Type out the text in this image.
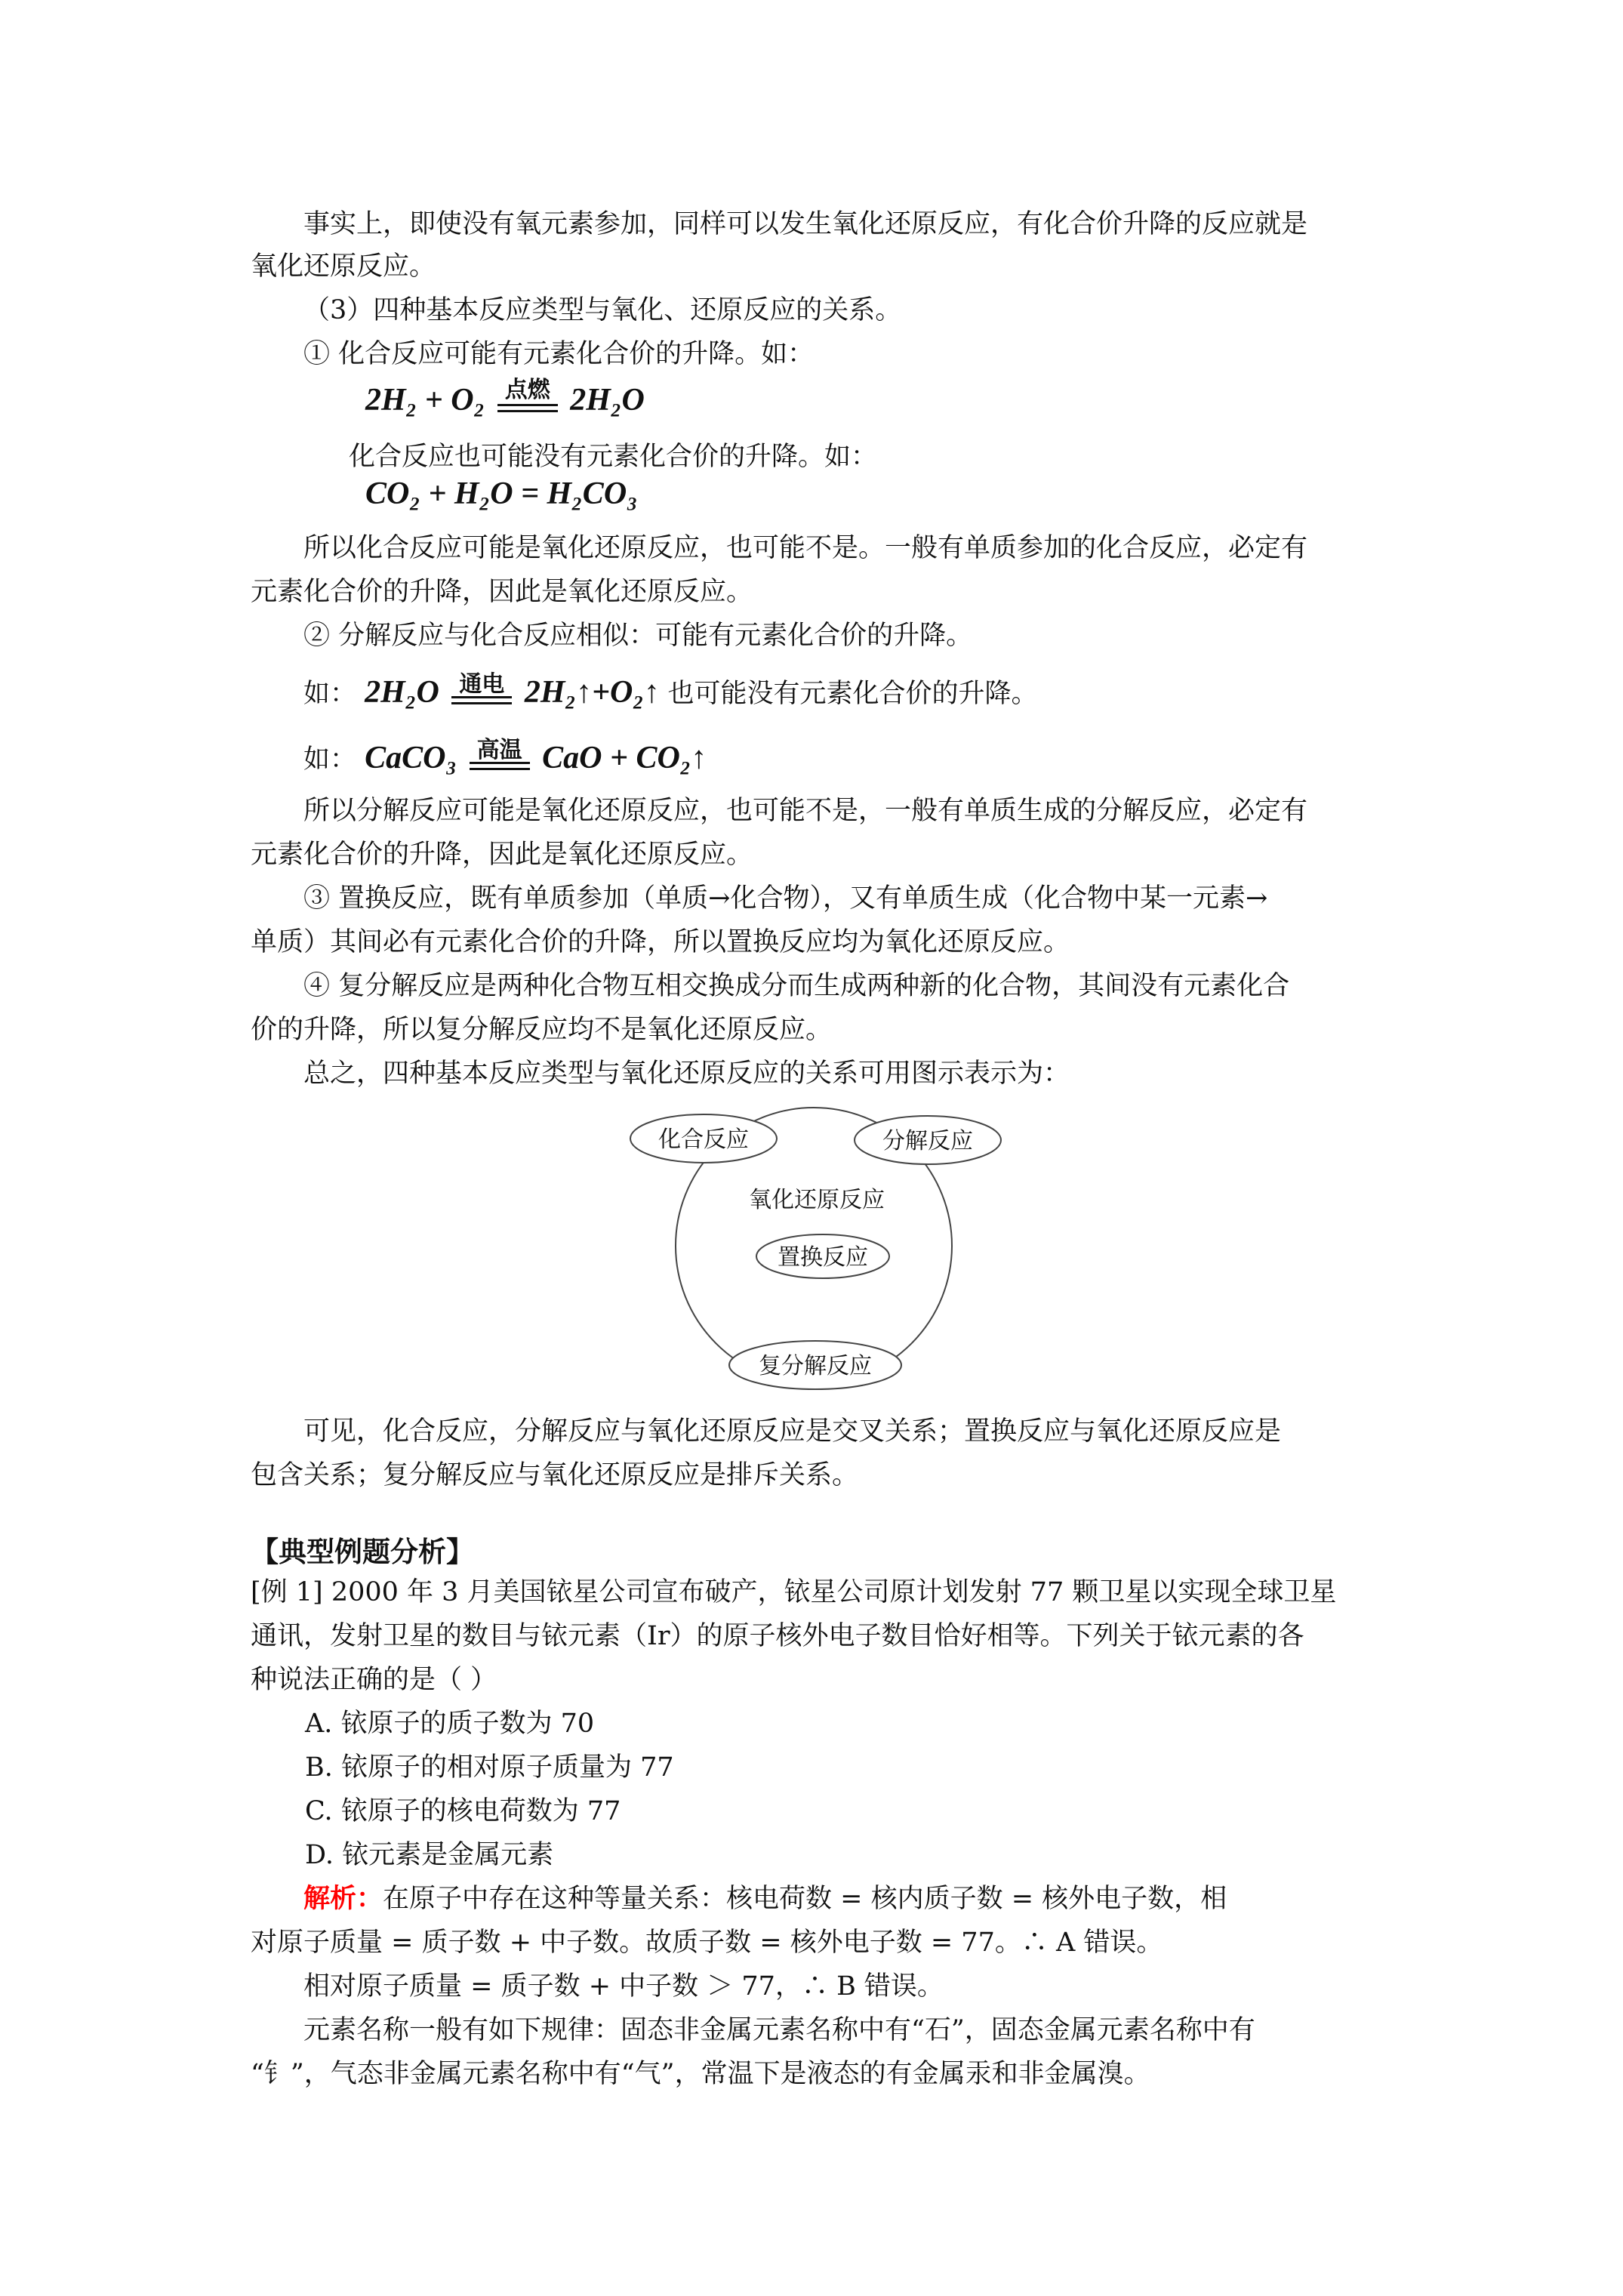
事实上，即使没有氧元素参加，同样可以发生氧化还原反应，有化合价升降的反应就是
氧化还原反应。
（3）四种基本反应类型与氧化、还原反应的关系。
① 化合反应可能有元素化合价的升降。如：
2H₂ + O₂ 点燃 2H₂O
化合反应也可能没有元素化合价的升降。如：
CO₂ + H₂O = H₂CO₃
所以化合反应可能是氧化还原反应，也可能不是。一般有单质参加的化合反应，必定有
元素化合价的升降，因此是氧化还原反应。
② 分解反应与化合反应相似：可能有元素化合价的升降。
如： 2H₂O 通电 2H₂↑+O₂↑ 也可能没有元素化合价的升降。
如： CaCO₃ 高温 CaO + CO₂↑
所以分解反应可能是氧化还原反应，也可能不是，一般有单质生成的分解反应，必定有
元素化合价的升降，因此是氧化还原反应。
③ 置换反应，既有单质参加（单质→化合物），又有单质生成（化合物中某一元素→
单质）其间必有元素化合价的升降，所以置换反应均为氧化还原反应。
④ 复分解反应是两种化合物互相交换成分而生成两种新的化合物，其间没有元素化合
价的升降，所以复分解反应均不是氧化还原反应。
总之，四种基本反应类型与氧化还原反应的关系可用图示表示为：
化合反应	分解反应
氧化还原反应
置换反应
复分解反应
可见，化合反应，分解反应与氧化还原反应是交叉关系；置换反应与氧化还原反应是
包含关系；复分解反应与氧化还原反应是排斥关系。
【典型例题分析】
[例 1] 2000 年 3 月美国铱星公司宣布破产，铱星公司原计划发射 77 颗卫星以实现全球卫星
通讯，发射卫星的数目与铱元素（Ir）的原子核外电子数目恰好相等。下列关于铱元素的各
种说法正确的是（ ）
A. 铱原子的质子数为 70
B. 铱原子的相对原子质量为 77
C. 铱原子的核电荷数为 77
D. 铱元素是金属元素
解析：在原子中存在这种等量关系：核电荷数 = 核内质子数 = 核外电子数，相
对原子质量 = 质子数 + 中子数。故质子数 = 核外电子数 = 77。∴ A 错误。
相对原子质量 = 质子数 + 中子数 ＞ 77，∴ B 错误。
元素名称一般有如下规律：固态非金属元素名称中有“石”，固态金属元素名称中有
“钅”，气态非金属元素名称中有“气”，常温下是液态的有金属汞和非金属溴。
